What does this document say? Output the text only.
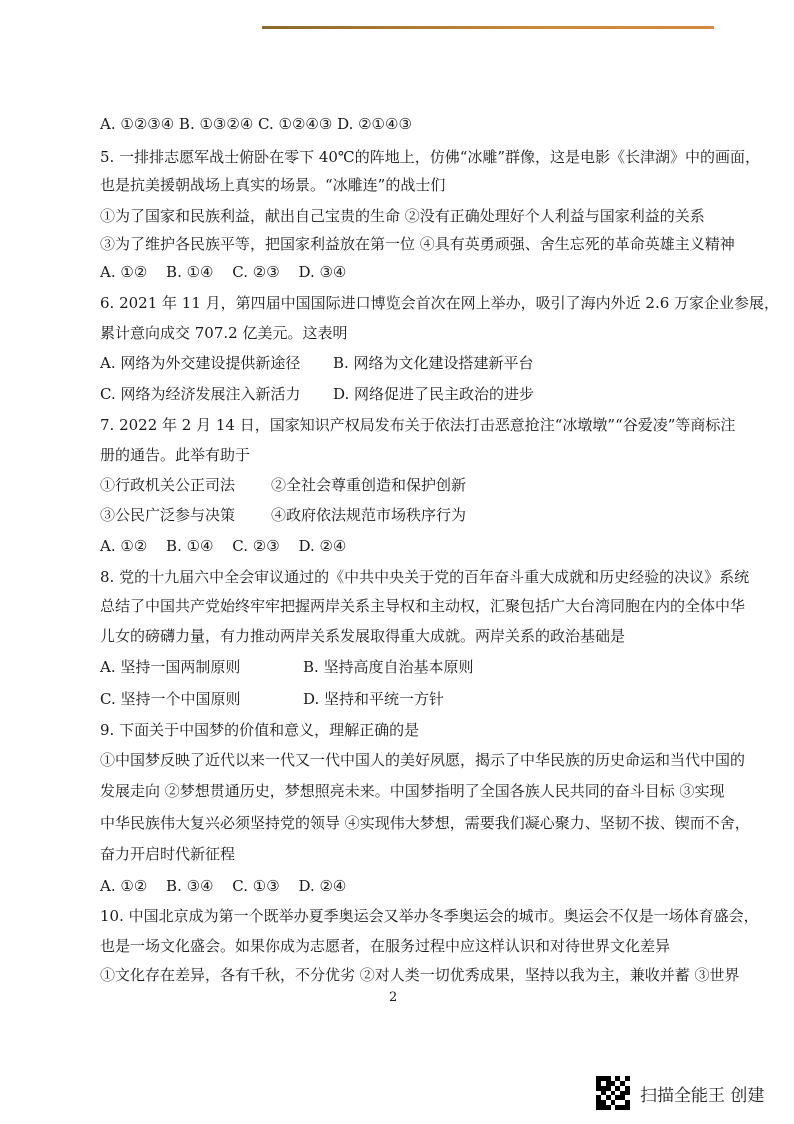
A. ①②③④ B. ①③②④ C. ①②④③ D. ②①④③
5. 一排排志愿军战士俯卧在零下 40℃的阵地上，仿佛“冰雕”群像，这是电影《长津湖》中的画面，
也是抗美援朝战场上真实的场景。“冰雕连”的战士们
①为了国家和民族利益，献出自己宝贵的生命 ②没有正确处理好个人利益与国家利益的关系
③为了维护各民族平等，把国家利益放在第一位 ④具有英勇顽强、舍生忘死的革命英雄主义精神
A. ①② B. ①④ C. ②③ D. ③④
6. 2021 年 11 月，第四届中国国际进口博览会首次在网上举办，吸引了海内外近 2.6 万家企业参展，
累计意向成交 707.2 亿美元。这表明
A. 网络为外交建设提供新途径 B. 网络为文化建设搭建新平台
C. 网络为经济发展注入新活力 D. 网络促进了民主政治的进步
7. 2022 年 2 月 14 日，国家知识产权局发布关于依法打击恶意抢注“冰墩墩”“谷爱凌”等商标注
册的通告。此举有助于
①行政机关公正司法 ②全社会尊重创造和保护创新
③公民广泛参与决策 ④政府依法规范市场秩序行为
A. ①② B. ①④ C. ②③ D. ②④
8. 党的十九届六中全会审议通过的《中共中央关于党的百年奋斗重大成就和历史经验的决议》系统
总结了中国共产党始终牢牢把握两岸关系主导权和主动权，汇聚包括广大台湾同胞在内的全体中华
儿女的磅礴力量，有力推动两岸关系发展取得重大成就。两岸关系的政治基础是
A. 坚持一国两制原则	B. 坚持高度自治基本原则
C. 坚持一个中国原则	D. 坚持和平统一方针
9. 下面关于中国梦的价值和意义，理解正确的是
①中国梦反映了近代以来一代又一代中国人的美好夙愿，揭示了中华民族的历史命运和当代中国的
发展走向 ②梦想贯通历史，梦想照亮未来。中国梦指明了全国各族人民共同的奋斗目标 ③实现
中华民族伟大复兴必须坚持党的领导 ④实现伟大梦想，需要我们凝心聚力、坚韧不拔、锲而不舍，
奋力开启时代新征程
A. ①② B. ③④ C. ①③ D. ②④
10. 中国北京成为第一个既举办夏季奥运会又举办冬季奥运会的城市。奥运会不仅是一场体育盛会，
也是一场文化盛会。如果你成为志愿者，在服务过程中应这样认识和对待世界文化差异
①文化存在差异，各有千秋，不分优劣 ②对人类一切优秀成果，坚持以我为主，兼收并蓄 ③世界
2
扫描全能王 创建
